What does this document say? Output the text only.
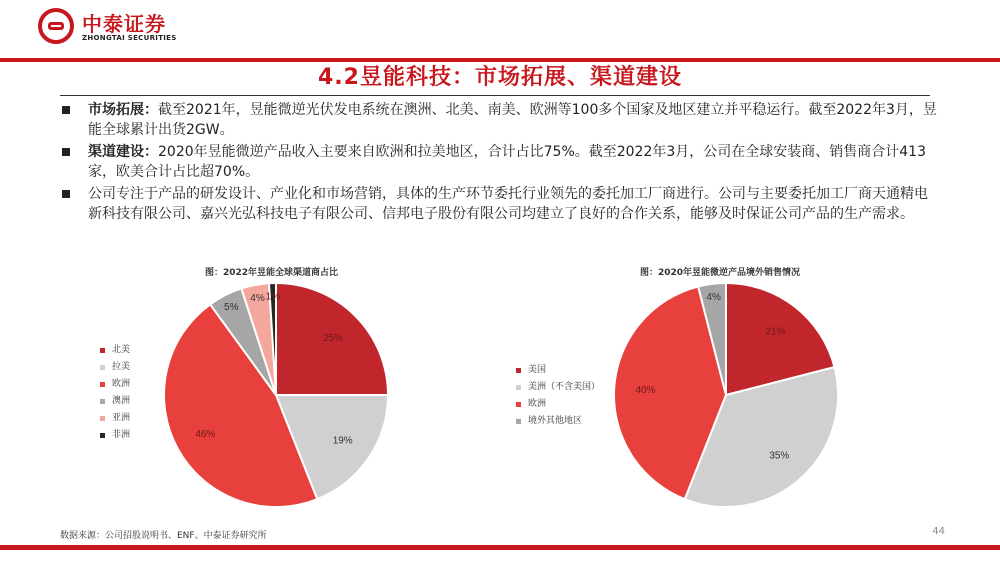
中泰证券
ZHONGTAI SECURITIES
4.2昱能科技：市场拓展、渠道建设
市场拓展：截至2021年，昱能微逆光伏发电系统在澳洲、北美、南美、欧洲等100多个国家及地区建立并平稳运行。截至2022年3月，昱能全球累计出货2GW。
渠道建设：2020年昱能微逆产品收入主要来自欧洲和拉美地区，合计占比75%。截至2022年3月，公司在全球安装商、销售商合计413家，欧美合计占比超70%。
公司专注于产品的研发设计、产业化和市场营销，具体的生产环节委托行业领先的委托加工厂商进行。公司与主要委托加工厂商天通精电新科技有限公司、嘉兴光弘科技电子有限公司、信邦电子股份有限公司均建立了良好的合作关系，能够及时保证公司产品的生产需求。
图：2022年昱能全球渠道商占比
北美
拉美
欧洲
澳洲
亚洲
非洲
25%
19%
46%
5%
4% 1%
图：2020年昱能微逆产品境外销售情况
美国
美洲（不含美国）
欧洲
境外其他地区
21%
35%
40%
4%
数据来源：公司招股说明书、ENF、中泰证券研究所	44
